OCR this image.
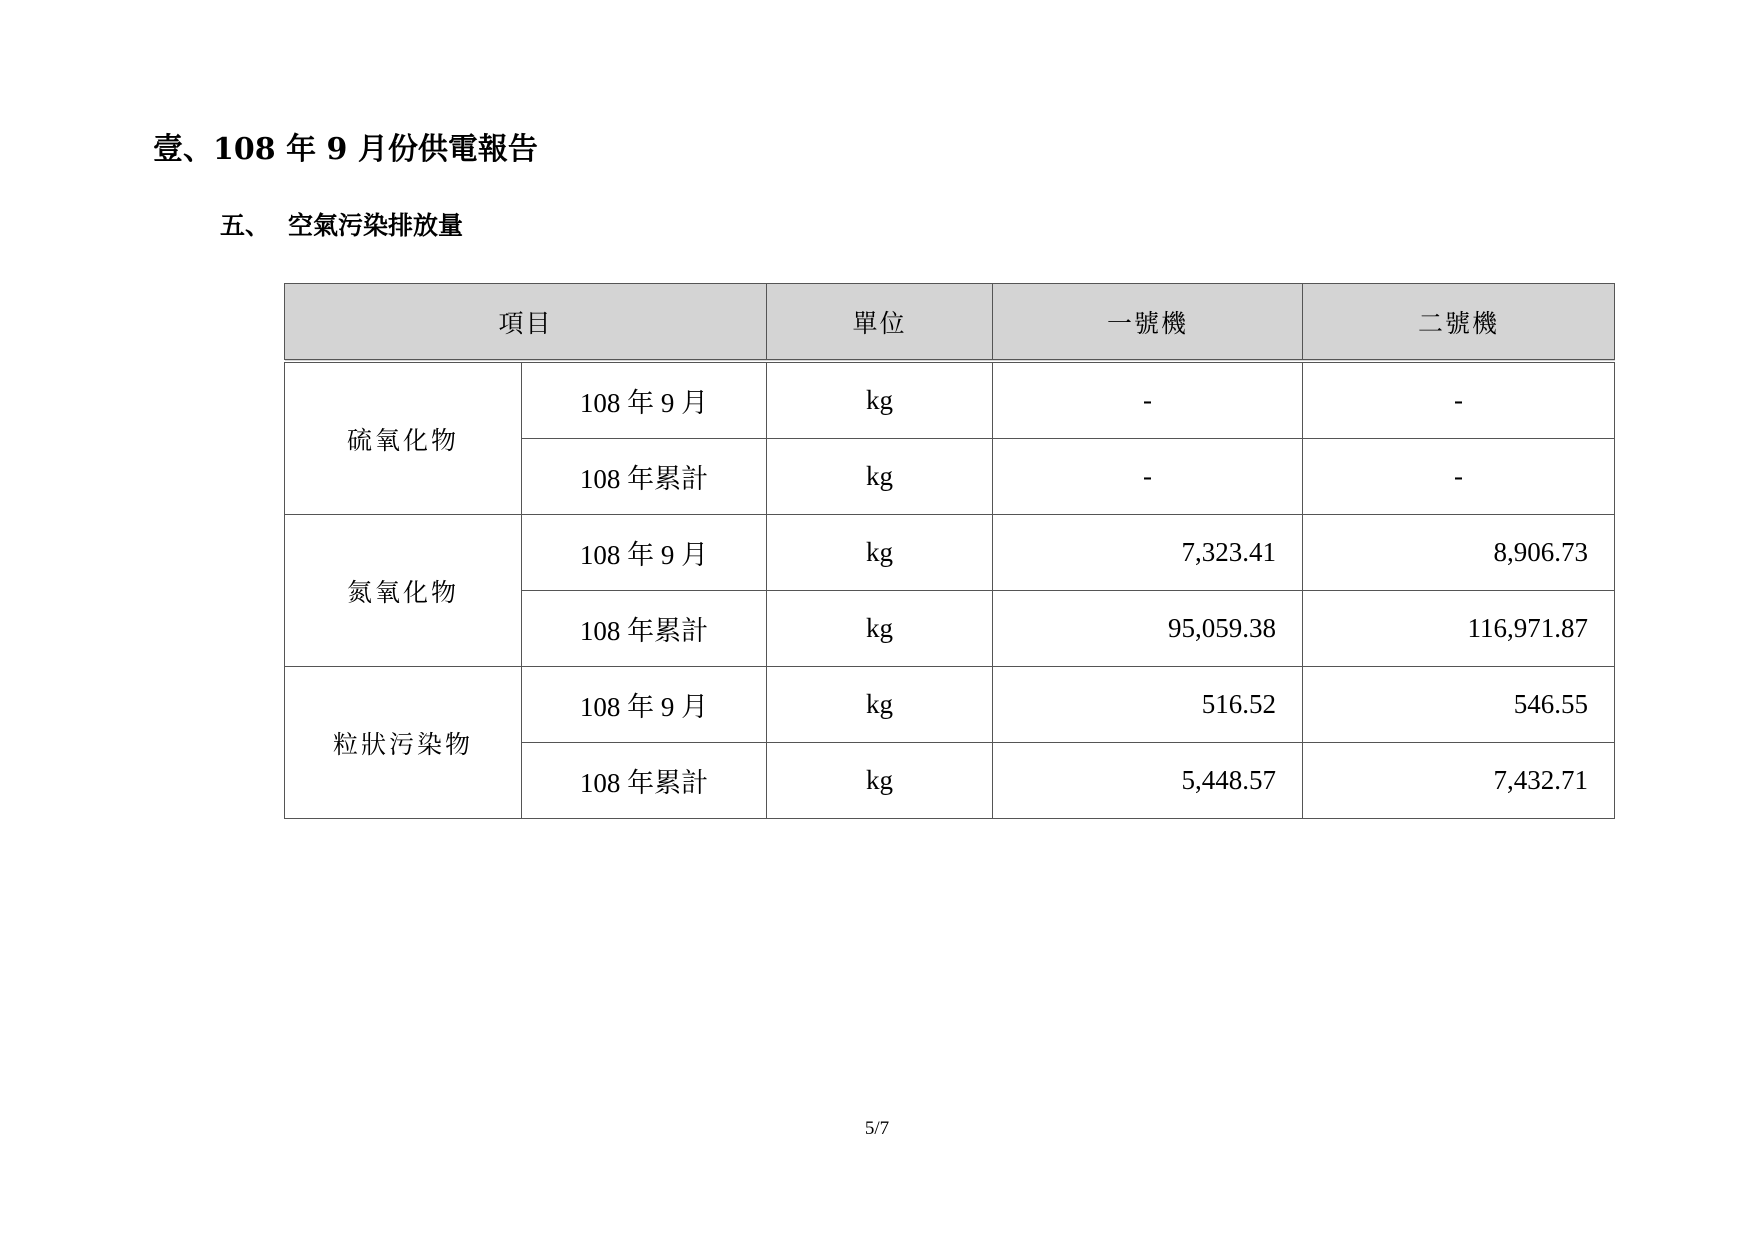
壹、108 年 9 月份供電報告
五、 空氣污染排放量
項目		單位	一號機	二號機
硫氧化物	108 年 9 月	kg	-	-
	108 年累計	kg	-	-
氮氧化物	108 年 9 月	kg	7,323.41	8,906.73
	108 年累計	kg	95,059.38	116,971.87
粒狀污染物	108 年 9 月	kg	516.52	546.55
	108 年累計	kg	5,448.57	7,432.71
5/7
